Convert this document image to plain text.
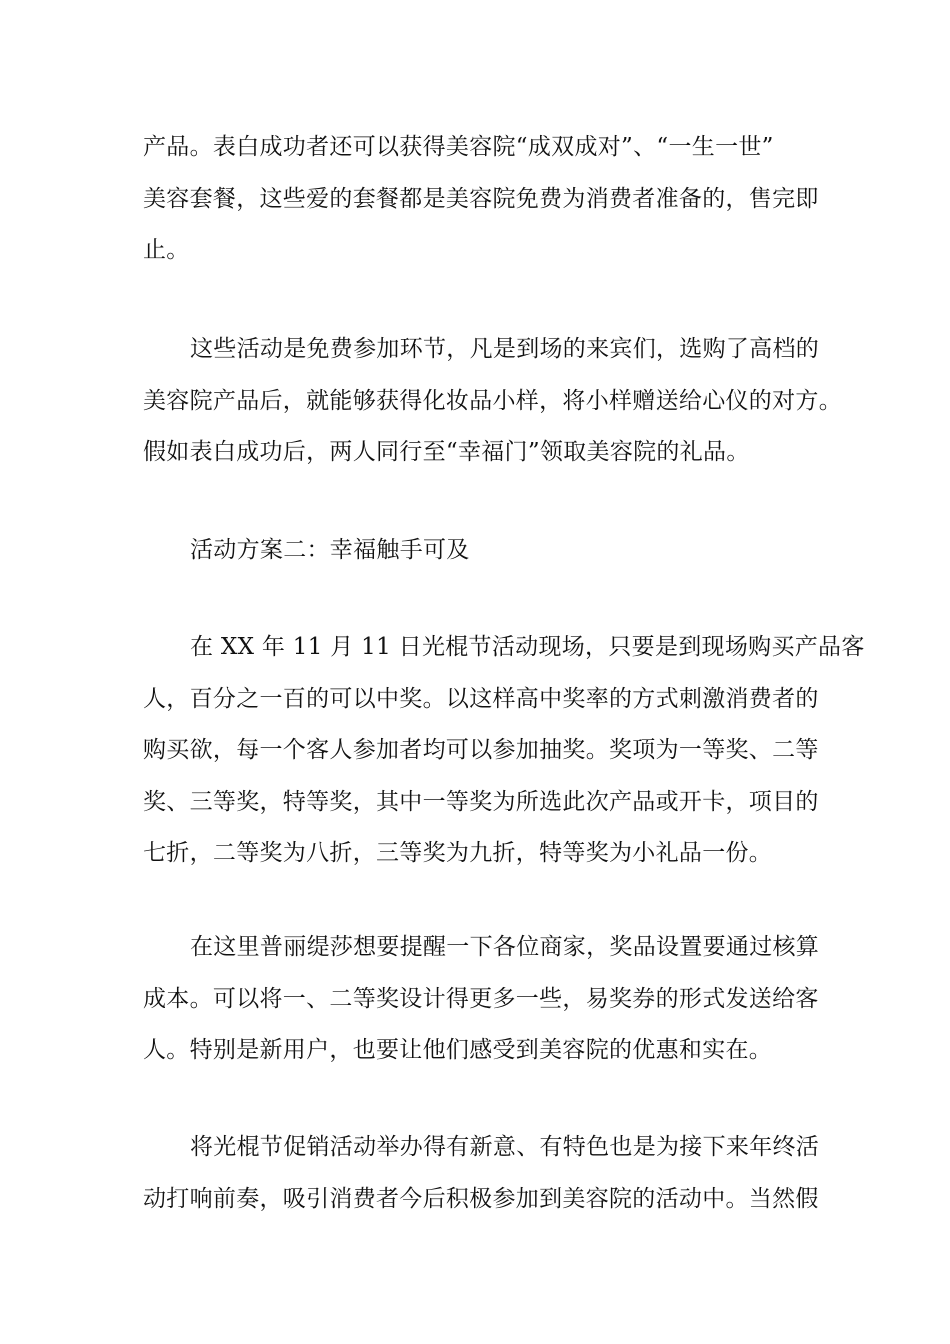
产品。表白成功者还可以获得美容院“成双成对”、“一生一世”
美容套餐，这些爱的套餐都是美容院免费为消费者准备的，售完即
止。
这些活动是免费参加环节，凡是到场的来宾们，选购了高档的
美容院产品后，就能够获得化妆品小样，将小样赠送给心仪的对方。
假如表白成功后，两人同行至“幸福门”领取美容院的礼品。
活动方案二：幸福触手可及
在 XX 年 11 月 11 日光棍节活动现场，只要是到现场购买产品客
人，百分之一百的可以中奖。以这样高中奖率的方式刺激消费者的
购买欲，每一个客人参加者均可以参加抽奖。奖项为一等奖、二等
奖、三等奖，特等奖，其中一等奖为所选此次产品或开卡，项目的
七折，二等奖为八折，三等奖为九折，特等奖为小礼品一份。
在这里普丽缇莎想要提醒一下各位商家，奖品设置要通过核算
成本。可以将一、二等奖设计得更多一些，易奖券的形式发送给客
人。特别是新用户，也要让他们感受到美容院的优惠和实在。
将光棍节促销活动举办得有新意、有特色也是为接下来年终活
动打响前奏，吸引消费者今后积极参加到美容院的活动中。当然假
